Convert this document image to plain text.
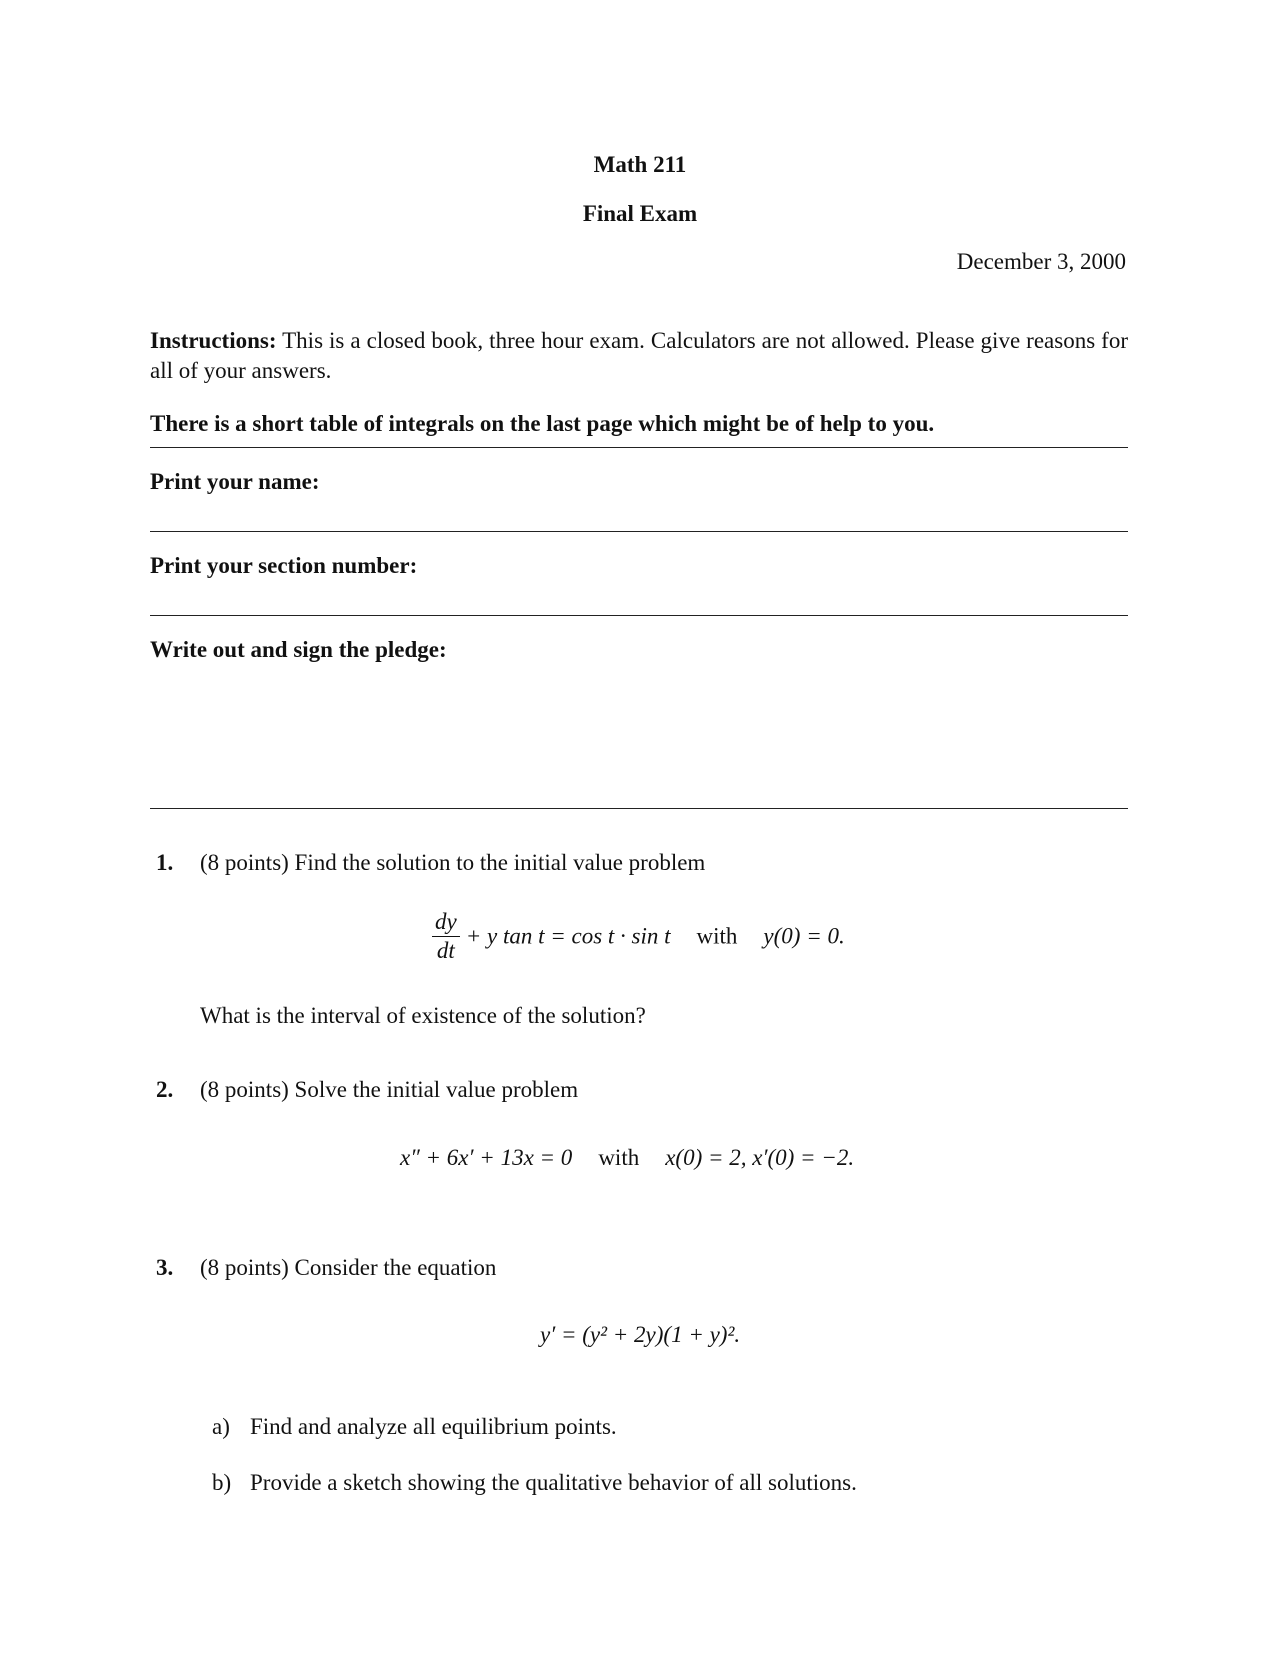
Math 211
Final Exam
December 3, 2000
Instructions: This is a closed book, three hour exam. Calculators are not allowed. Please give reasons for all of your answers.
There is a short table of integrals on the last page which might be of help to you.
Print your name:
Print your section number:
Write out and sign the pledge:
1. (8 points) Find the solution to the initial value problem
$\frac{dy}{dt} + y$ tan t = cos t · sin t with y(0) = 0.
What is the interval of existence of the solution?
2. (8 points) Solve the initial value problem
x″ + 6x′ + 13x = 0 with x(0) = 2, x′(0) = −2.
3. (8 points) Consider the equation
y′ = (y² + 2y)(1 + y)².
a) Find and analyze all equilibrium points.
b) Provide a sketch showing the qualitative behavior of all solutions.
